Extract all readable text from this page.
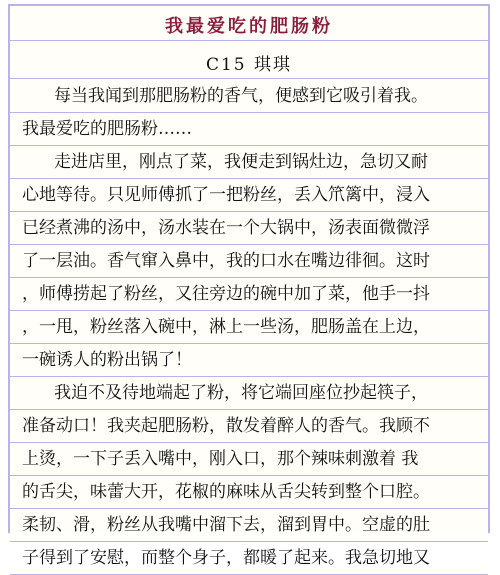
我最爱吃的肥肠粉
C15 琪琪
每当我闻到那肥肠粉的香气，便感到它吸引着我。
我最爱吃的肥肠粉……
走进店里，刚点了菜，我便走到锅灶边，急切又耐
心地等待。只见师傅抓了一把粉丝，丢入笊篱中，浸入
已经煮沸的汤中，汤水装在一个大锅中，汤表面微微浮
了一层油。香气窜入鼻中，我的口水在嘴边徘徊。这时
，师傅捞起了粉丝，又往旁边的碗中加了菜，他手一抖
，一甩，粉丝落入碗中，淋上一些汤，肥肠盖在上边，
一碗诱人的粉出锅了！
我迫不及待地端起了粉，将它端回座位抄起筷子，
准备动口！我夹起肥肠粉，散发着醉人的香气。我顾不
上烫，一下子丢入嘴中，刚入口，那个辣味刺激着 我
的舌尖，味蕾大开，花椒的麻味从舌尖转到整个口腔。
柔韧、滑，粉丝从我嘴中溜下去，溜到胃中。空虚的肚
子得到了安慰，而整个身子，都暖了起来。我急切地又
